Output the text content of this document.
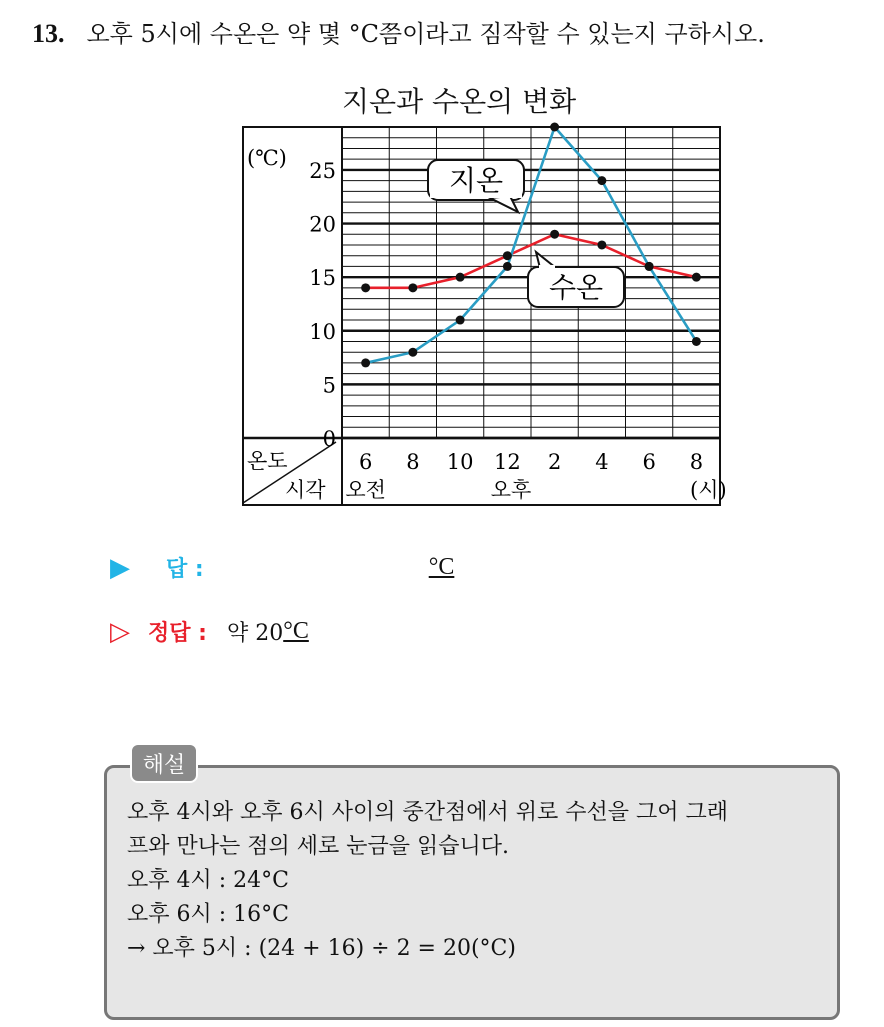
13. 오후 5시에 수온은 약 몇 °C쯤이라고 짐작할 수 있는지 구하시오.
지온과 수온의 변화
(℃)
0
5
10
15
20
25
온도
시각
6 8 10 12 2 4 6 8
오전	오후	(시)
지온
수온
▶	답 :	°C
▷ 정답 : 약 20 °C
해설
오후 4시와 오후 6시 사이의 중간점에서 위로 수선을 그어 그래
프와 만나는 점의 세로 눈금을 읽습니다.
오후 4시 : 24°C
오후 6시 : 16°C
→ 오후 5시 : (24 + 16) ÷ 2 = 20(°C)
